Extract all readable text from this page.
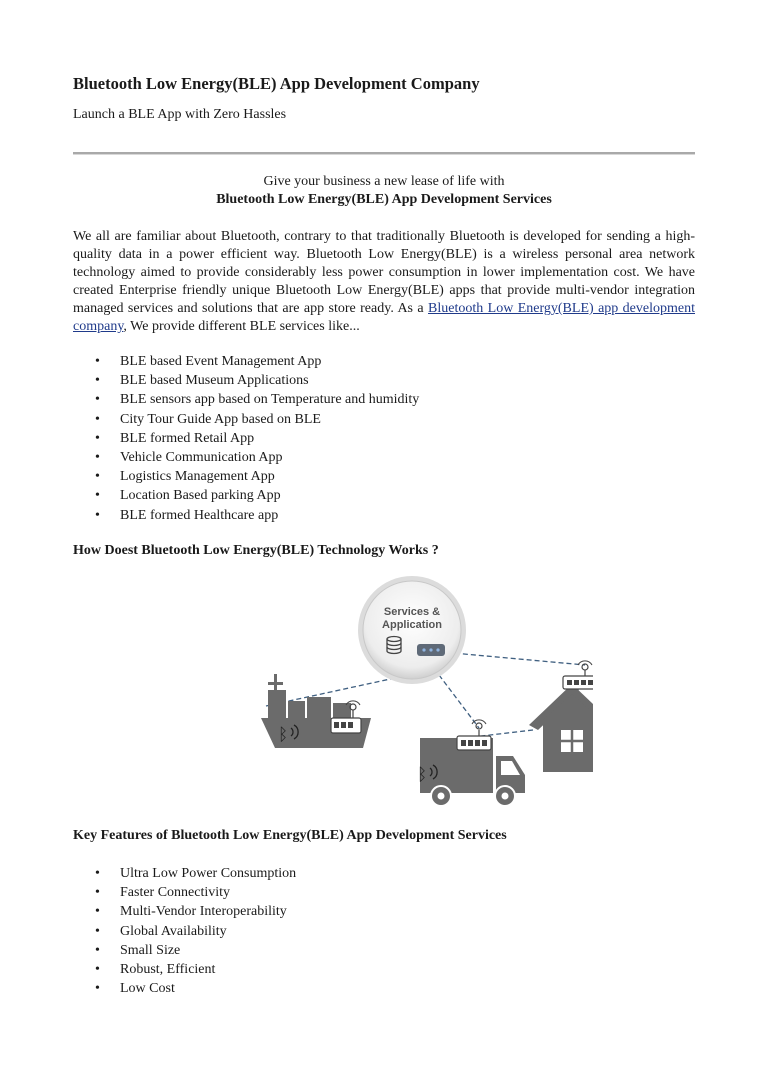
Bluetooth Low Energy(BLE) App Development Company

Launch a BLE App with Zero Hassles

Give your business a new lease of life with

Bluetooth Low Energy(BLE) App Development Services

We all are familiar about Bluetooth, contrary to that traditionally Bluetooth is developed for sending a high-quality data in a power efficient way. Bluetooth Low Energy(BLE) is a wireless personal area network technology aimed to provide considerably less power consumption in lower implementation cost. We have created Enterprise friendly unique Bluetooth Low Energy(BLE) apps that provide multi-vendor integration managed services and solutions that are app store ready. As a Bluetooth Low Energy(BLE) app development company, We provide different BLE services like...

• BLE based Event Management App
• BLE based Museum Applications
• BLE sensors app based on Temperature and humidity
• City Tour Guide App based on BLE
• BLE formed Retail App
• Vehicle Communication App
• Logistics Management App
• Location Based parking App
• BLE formed Healthcare app
How Doest Bluetooth Low Energy(BLE) Technology Works ?
Services &
Application
ᛒ
ᛒ
Key Features of Bluetooth Low Energy(BLE) App Development Services
• Ultra Low Power Consumption
• Faster Connectivity
• Multi-Vendor Interoperability
• Global Availability
• Small Size
• Robust, Efficient
• Low Cost
